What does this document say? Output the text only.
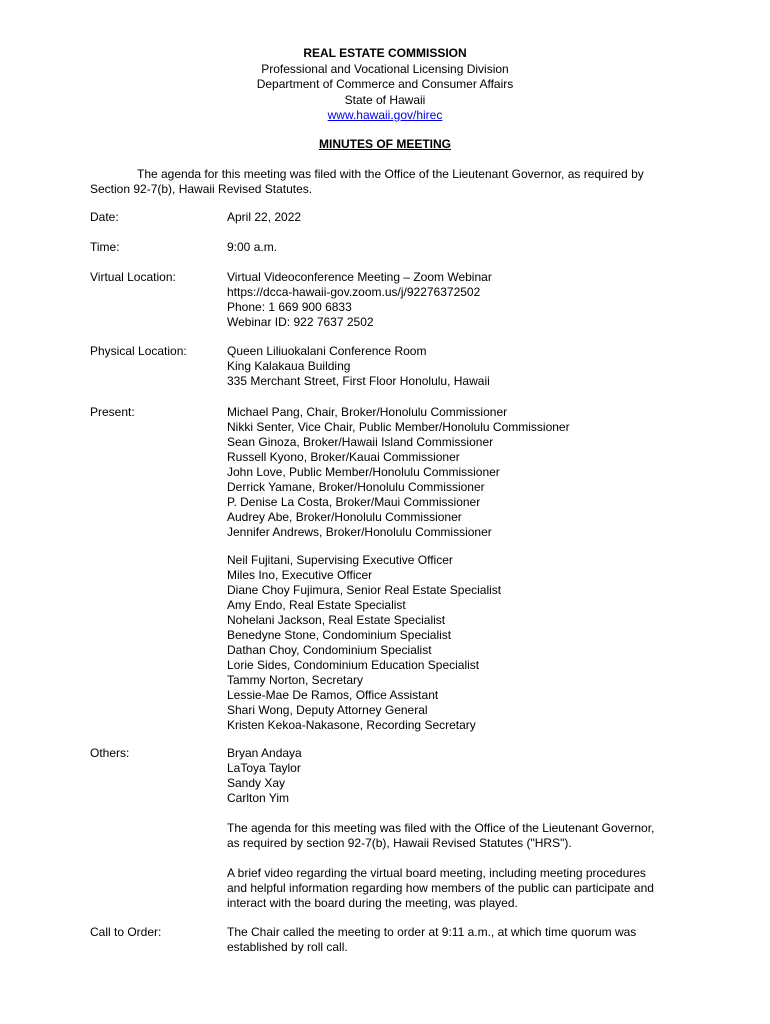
REAL ESTATE COMMISSION
Professional and Vocational Licensing Division
Department of Commerce and Consumer Affairs
State of Hawaii
www.hawaii.gov/hirec
MINUTES OF MEETING
The agenda for this meeting was filed with the Office of the Lieutenant Governor, as required by
Section 92-7(b), Hawaii Revised Statutes.
Date:	April 22, 2022
Time:	9:00 a.m.
Virtual Location:	Virtual Videoconference Meeting – Zoom Webinar
https://dcca-hawaii-gov.zoom.us/j/92276372502
Phone: 1 669 900 6833
Webinar ID: 922 7637 2502
Physical Location:	Queen Liliuokalani Conference Room
King Kalakaua Building
335 Merchant Street, First Floor Honolulu, Hawaii
Present:	Michael Pang, Chair, Broker/Honolulu Commissioner
Nikki Senter, Vice Chair, Public Member/Honolulu Commissioner
Sean Ginoza, Broker/Hawaii Island Commissioner
Russell Kyono, Broker/Kauai Commissioner
John Love, Public Member/Honolulu Commissioner
Derrick Yamane, Broker/Honolulu Commissioner
P. Denise La Costa, Broker/Maui Commissioner
Audrey Abe, Broker/Honolulu Commissioner
Jennifer Andrews, Broker/Honolulu Commissioner
Neil Fujitani, Supervising Executive Officer
Miles Ino, Executive Officer
Diane Choy Fujimura, Senior Real Estate Specialist
Amy Endo, Real Estate Specialist
Nohelani Jackson, Real Estate Specialist
Benedyne Stone, Condominium Specialist
Dathan Choy, Condominium Specialist
Lorie Sides, Condominium Education Specialist
Tammy Norton, Secretary
Lessie-Mae De Ramos, Office Assistant
Shari Wong, Deputy Attorney General
Kristen Kekoa-Nakasone, Recording Secretary
Others:	Bryan Andaya
LaToya Taylor
Sandy Xay
Carlton Yim
The agenda for this meeting was filed with the Office of the Lieutenant Governor,
as required by section 92-7(b), Hawaii Revised Statutes ("HRS").
A brief video regarding the virtual board meeting, including meeting procedures
and helpful information regarding how members of the public can participate and
interact with the board during the meeting, was played.
Call to Order:	The Chair called the meeting to order at 9:11 a.m., at which time quorum was
established by roll call.
